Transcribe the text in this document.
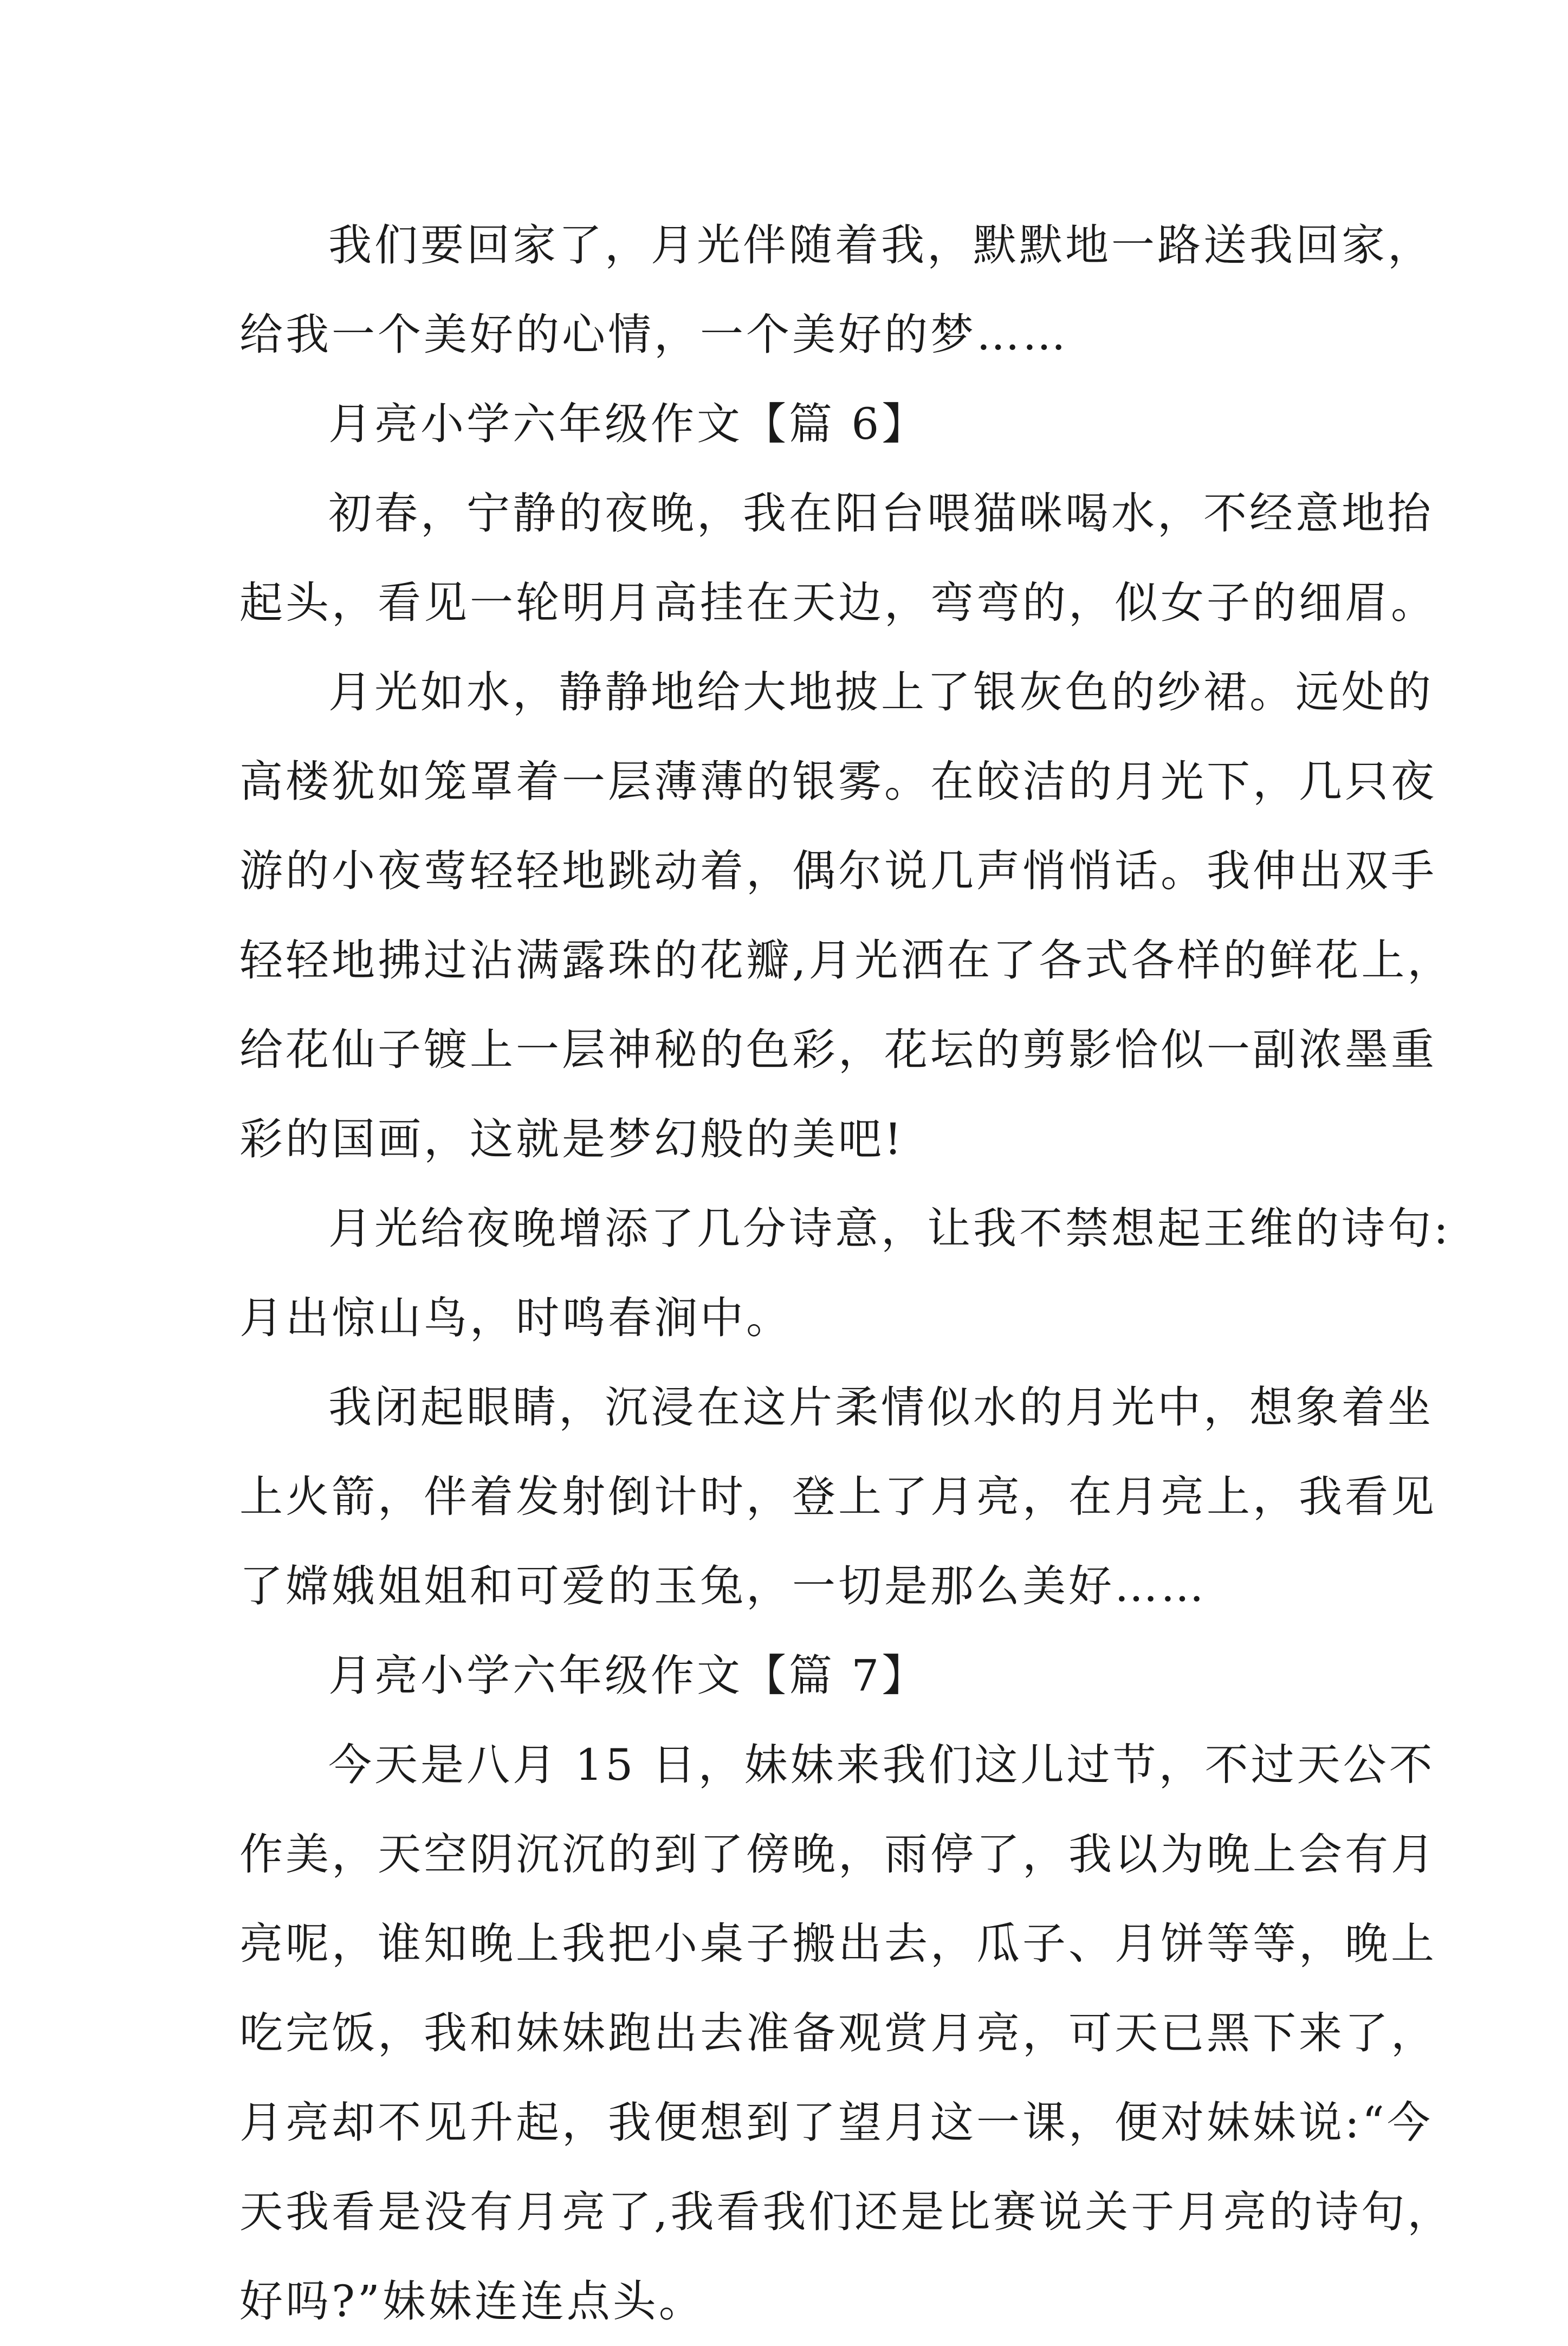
我们要回家了，月光伴随着我，默默地一路送我回家，
给我一个美好的心情，一个美好的梦……
月亮小学六年级作文【篇 6】
初春，宁静的夜晚，我在阳台喂猫咪喝水，不经意地抬
起头，看见一轮明月高挂在天边，弯弯的，似女子的细眉。
月光如水，静静地给大地披上了银灰色的纱裙。远处的
高楼犹如笼罩着一层薄薄的银雾。在皎洁的月光下，几只夜
游的小夜莺轻轻地跳动着，偶尔说几声悄悄话。我伸出双手
轻轻地拂过沾满露珠的花瓣,月光洒在了各式各样的鲜花上，
给花仙子镀上一层神秘的色彩，花坛的剪影恰似一副浓墨重
彩的国画，这就是梦幻般的美吧!
月光给夜晚增添了几分诗意，让我不禁想起王维的诗句:
月出惊山鸟，时鸣春涧中。
我闭起眼睛，沉浸在这片柔情似水的月光中，想象着坐
上火箭，伴着发射倒计时，登上了月亮，在月亮上，我看见
了嫦娥姐姐和可爱的玉兔，一切是那么美好……
月亮小学六年级作文【篇 7】
今天是八月 15 日，妹妹来我们这儿过节，不过天公不
作美，天空阴沉沉的到了傍晚，雨停了，我以为晚上会有月
亮呢，谁知晚上我把小桌子搬出去，瓜子、月饼等等，晚上
吃完饭，我和妹妹跑出去准备观赏月亮，可天已黑下来了，
月亮却不见升起，我便想到了望月这一课，便对妹妹说:“今
天我看是没有月亮了,我看我们还是比赛说关于月亮的诗句，
好吗?”妹妹连连点头。
